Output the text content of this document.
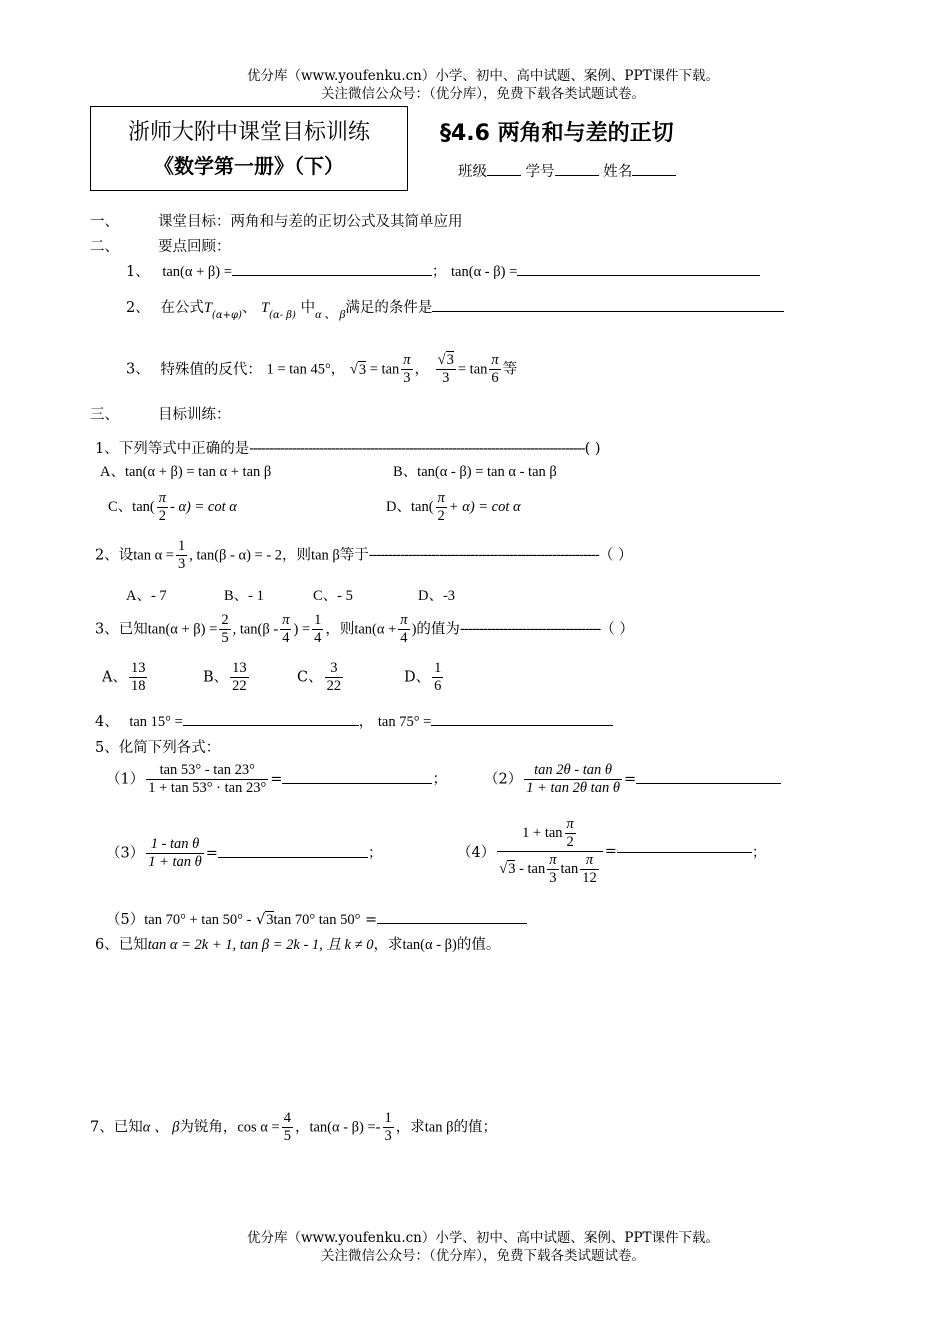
优分库（www.youfenku.cn）小学、初中、高中试题、案例、PPT课件下载。
关注微信公众号：（优分库），免费下载各类试题试卷。
浙师大附中课堂目标训练
《数学第一册》（下）
§4.6 两角和与差的正切
班级	学号	姓名
一、	课堂目标：两角和与差的正切公式及其简单应用
二、	要点回顾：
1、 tan(α + β) =	； tan(α - β) =
2、 在公式$T_{(\alpha+\varphi)}$、 $T_{(\alpha- \beta)}$ 中$_{\alpha 、 \beta}$满足的条件是
3、 特殊值的反代： 1 = tan 45°， $√3 = \tan \frac{\pi}{3}$ ， $\frac{√3}{3} = \tan \frac{\pi}{6}$ 等
三、	目标训练：
1、下列等式中正确的是--------------------------------------------------------------------------------------( )
A、tan(α + β) = tan α + tan β	B、tan(α - β) = tan α - tan β
C、$\tan( \frac{\pi}{2} - \alpha) = \cot \alpha$	D、$\tan( \frac{\pi}{2} + \alpha) = \cot \alpha$
2、设$\tan \alpha = \frac{1}{3}$ , tan(β - α) = - 2，则tan β等于-----------------------------------------------------------（ ）
A、- 7	B、- 1	C、- 5	D、-3
3、已知$\tan(\alpha + \beta) = \frac{2}{5}$ , $\tan(\beta - \frac{\pi}{4}$ ) = $\frac{1}{4}$ ，则$\tan(\alpha + \frac{\pi}{4}$ )的值为------------------------------------（ ）
A、 $\frac{13}{18}$	B、 $\frac{13}{22}$	C、 $\frac{3}{22}$	D、 $\frac{1}{6}$
4、 tan 15° =	， tan 75° =
5、化简下列各式：
$(1) \frac{\tan 53^\circ - \tan 23^\circ}{1 + \tan 53^\circ \cdot \tan 23^\circ}$ =	；	$(2) \frac{\text{tan 2θ - tan θ}}{\text{1 + tan 2θ tan θ}}$ =
$(3) \frac{\text{1 - tan θ}}{\text{1 + tan θ}}$ =	；	$(4) \frac{1 + \tan \frac{\pi}{2}}{√3 - \tan \frac{\pi}{3} \tan \frac{\pi}{12}}$ =	；
（5）tan 70° + tan 50° - √3tan 70° tan 50° =
6、已知tan α = 2k + 1, tan β = 2k - 1, 且 k ≠ 0，求tan(α - β)的值。
7、已知α 、 β为锐角，$\cos \alpha = \frac{4}{5}$ ，$\tan(\alpha - \beta) =- \frac{1}{3}$ ，求tan β的值；
优分库（www.youfenku.cn）小学、初中、高中试题、案例、PPT课件下载。
关注微信公众号：（优分库），免费下载各类试题试卷。
